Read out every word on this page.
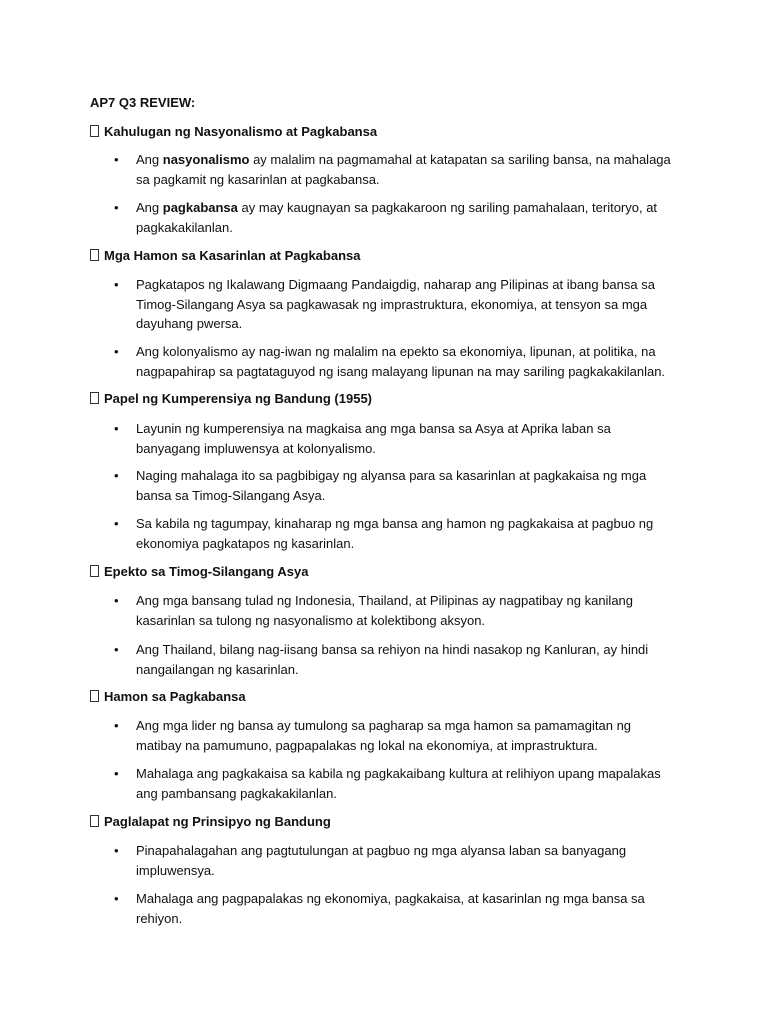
AP7 Q3 REVIEW:
Kahulugan ng Nasyonalismo at Pagkabansa
• Ang nasyonalismo ay malalim na pagmamahal at katapatan sa sariling bansa, na mahalaga sa pagkamit ng kasarinlan at pagkabansa.
• Ang pagkabansa ay may kaugnayan sa pagkakaroon ng sariling pamahalaan, teritoryo, at pagkakakilanlan.
Mga Hamon sa Kasarinlan at Pagkabansa
• Pagkatapos ng Ikalawang Digmaang Pandaigdig, naharap ang Pilipinas at ibang bansa sa Timog-Silangang Asya sa pagkawasak ng imprastruktura, ekonomiya, at tensyon sa mga dayuhang pwersa.
• Ang kolonyalismo ay nag-iwan ng malalim na epekto sa ekonomiya, lipunan, at politika, na nagpapahirap sa pagtataguyod ng isang malayang lipunan na may sariling pagkakakilanlan.
Papel ng Kumperensiya ng Bandung (1955)
• Layunin ng kumperensiya na magkaisa ang mga bansa sa Asya at Aprika laban sa banyagang impluwensya at kolonyalismo.
• Naging mahalaga ito sa pagbibigay ng alyansa para sa kasarinlan at pagkakaisa ng mga bansa sa Timog-Silangang Asya.
• Sa kabila ng tagumpay, kinaharap ng mga bansa ang hamon ng pagkakaisa at pagbuo ng ekonomiya pagkatapos ng kasarinlan.
Epekto sa Timog-Silangang Asya
• Ang mga bansang tulad ng Indonesia, Thailand, at Pilipinas ay nagpatibay ng kanilang kasarinlan sa tulong ng nasyonalismo at kolektibong aksyon.
• Ang Thailand, bilang nag-iisang bansa sa rehiyon na hindi nasakop ng Kanluran, ay hindi nangailangan ng kasarinlan.
Hamon sa Pagkabansa
• Ang mga lider ng bansa ay tumulong sa pagharap sa mga hamon sa pamamagitan ng matibay na pamumuno, pagpapalakas ng lokal na ekonomiya, at imprastruktura.
• Mahalaga ang pagkakaisa sa kabila ng pagkakaibang kultura at relihiyon upang mapalakas ang pambansang pagkakakilanlan.
Paglalapat ng Prinsipyo ng Bandung
• Pinapahalagahan ang pagtutulungan at pagbuo ng mga alyansa laban sa banyagang impluwensya.
• Mahalaga ang pagpapalakas ng ekonomiya, pagkakaisa, at kasarinlan ng mga bansa sa rehiyon.
